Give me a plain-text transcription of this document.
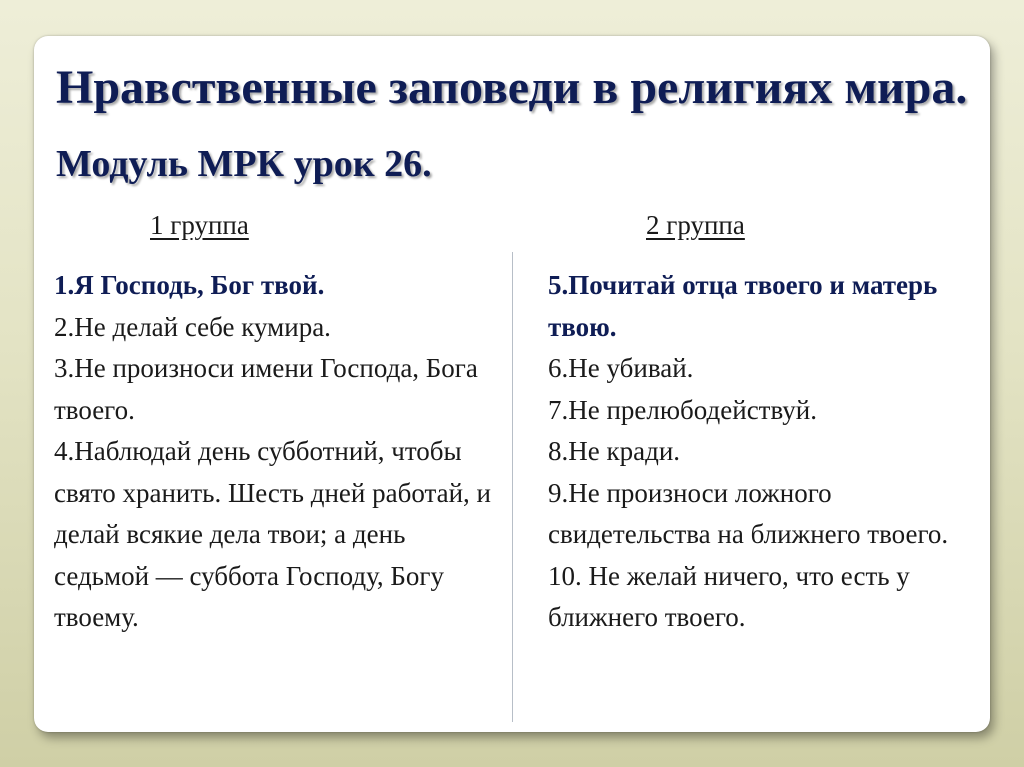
Нравственные заповеди в религиях мира. Модуль МРК урок 26.
1 группа	2 группа
1.Я Господь, Бог твой.
2.Не делай себе кумира.
3.Не произноси имени Господа, Бога твоего.
4.Наблюдай день субботний, чтобы свято хранить. Шесть дней работай, и делай всякие дела твои; а день седьмой — суббота Господу, Богу твоему.
5.Почитай отца твоего и матерь твою.
6.Не убивай.
7.Не прелюбодействуй.
8.Не кради.
9.Не произноси ложного свидетельства на ближнего твоего.
10. Не желай ничего, что есть у ближнего твоего.
